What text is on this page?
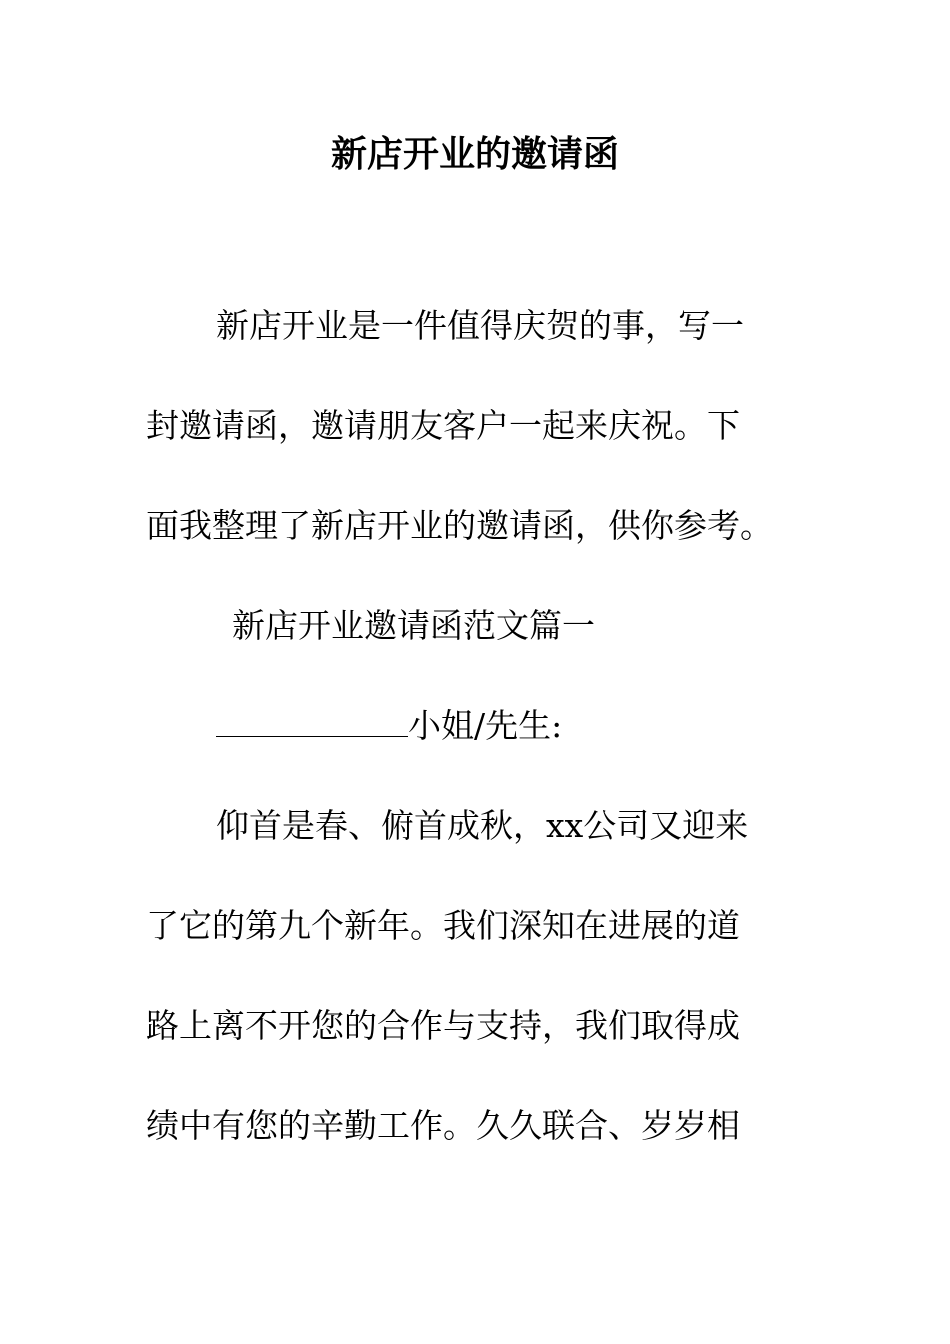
新店开业的邀请函
新店开业是一件值得庆贺的事，写一
封邀请函，邀请朋友客户一起来庆祝。下
面我整理了新店开业的邀请函，供你参考。
新店开业邀请函范文篇一
小姐/先生:
仰首是春、俯首成秋，xx公司又迎来
了它的第九个新年。我们深知在进展的道
路上离不开您的合作与支持，我们取得成
绩中有您的辛勤工作。久久联合、岁岁相
